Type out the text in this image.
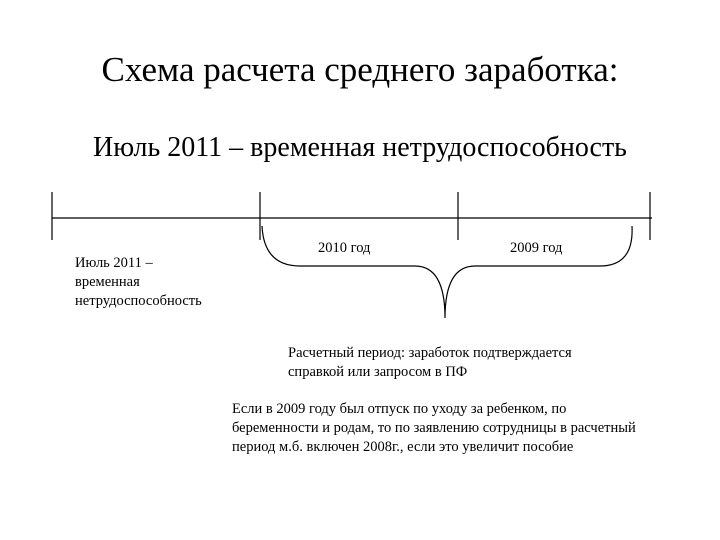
Схема расчета среднего заработка:
Июль 2011 – временная нетрудоспособность
Июль 2011 –
временная
нетрудоспособность
2010 год	2009 год
Расчетный период: заработок подтверждается справкой или запросом в ПФ
Если в 2009 году был отпуск по уходу за ребенком, по беременности и родам, то по заявлению сотрудницы в расчетный период м.б. включен 2008г., если это увеличит пособие
